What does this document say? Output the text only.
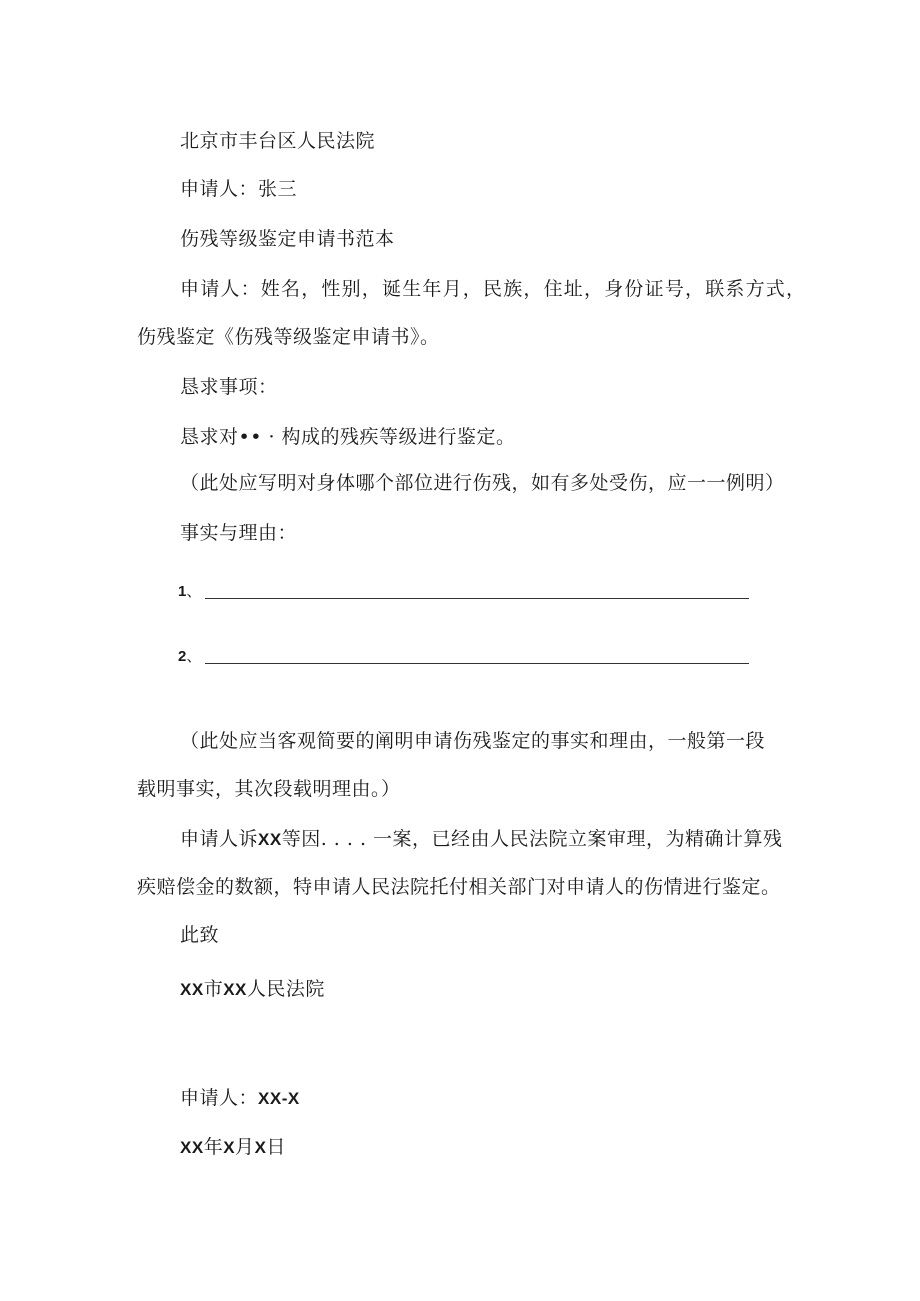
北京市丰台区人民法院
申请人：张三
伤残等级鉴定申请书范本
申请人：姓名，性别，诞生年月，民族，住址，身份证号，联系方式，
伤残鉴定《伤残等级鉴定申请书》。
恳求事项：
恳求对•• · 构成的残疾等级进行鉴定。
（此处应写明对身体哪个部位进行伤残，如有多处受伤，应一一例明）
事实与理由：
1、
2、
（此处应当客观简要的阐明申请伤残鉴定的事实和理由，一般第一段
载明事实，其次段载明理由。）
申请人诉XX等因. . . . 一案，已经由人民法院立案审理，为精确计算残
疾赔偿金的数额，特申请人民法院托付相关部门对申请人的伤情进行鉴定。
此致
XX市XX人民法院
申请人：XX-X
XX年X月X日
